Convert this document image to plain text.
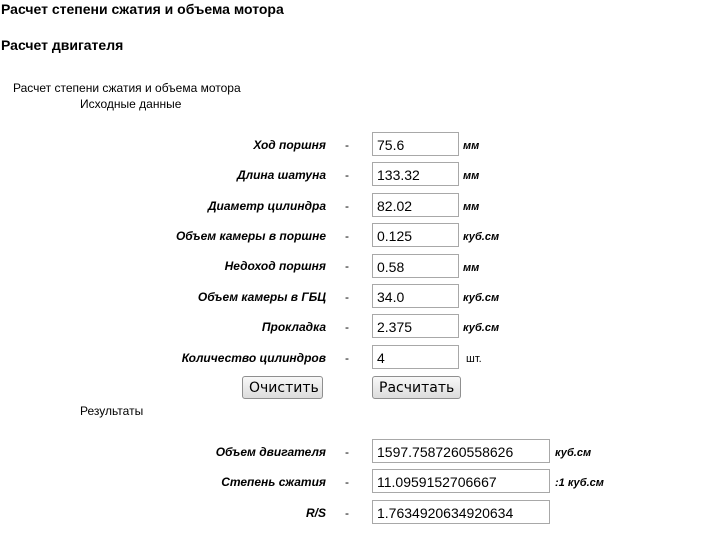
Расчет степени сжатия и объема мотора
Расчет двигателя
Расчет степени сжатия и объема мотора
Исходные данные
Ход поршня -
75.6	мм
Длина шатуна -
133.32	мм
Диаметр цилиндра -
82.02	мм
Объем камеры в поршне -
0.125	куб.см
Недоход поршня -
0.58	мм
Объем камеры в ГБЦ -
34.0	куб.см
Прокладка -
2.375	куб.см
Количество цилиндров -
4	шт.
Очистить	Расчитать
Результаты
Объем двигателя -
1597.7587260558626	куб.см
Степень сжатия -
11.0959152706667	:1 куб.см
R/S -
1.7634920634920634
